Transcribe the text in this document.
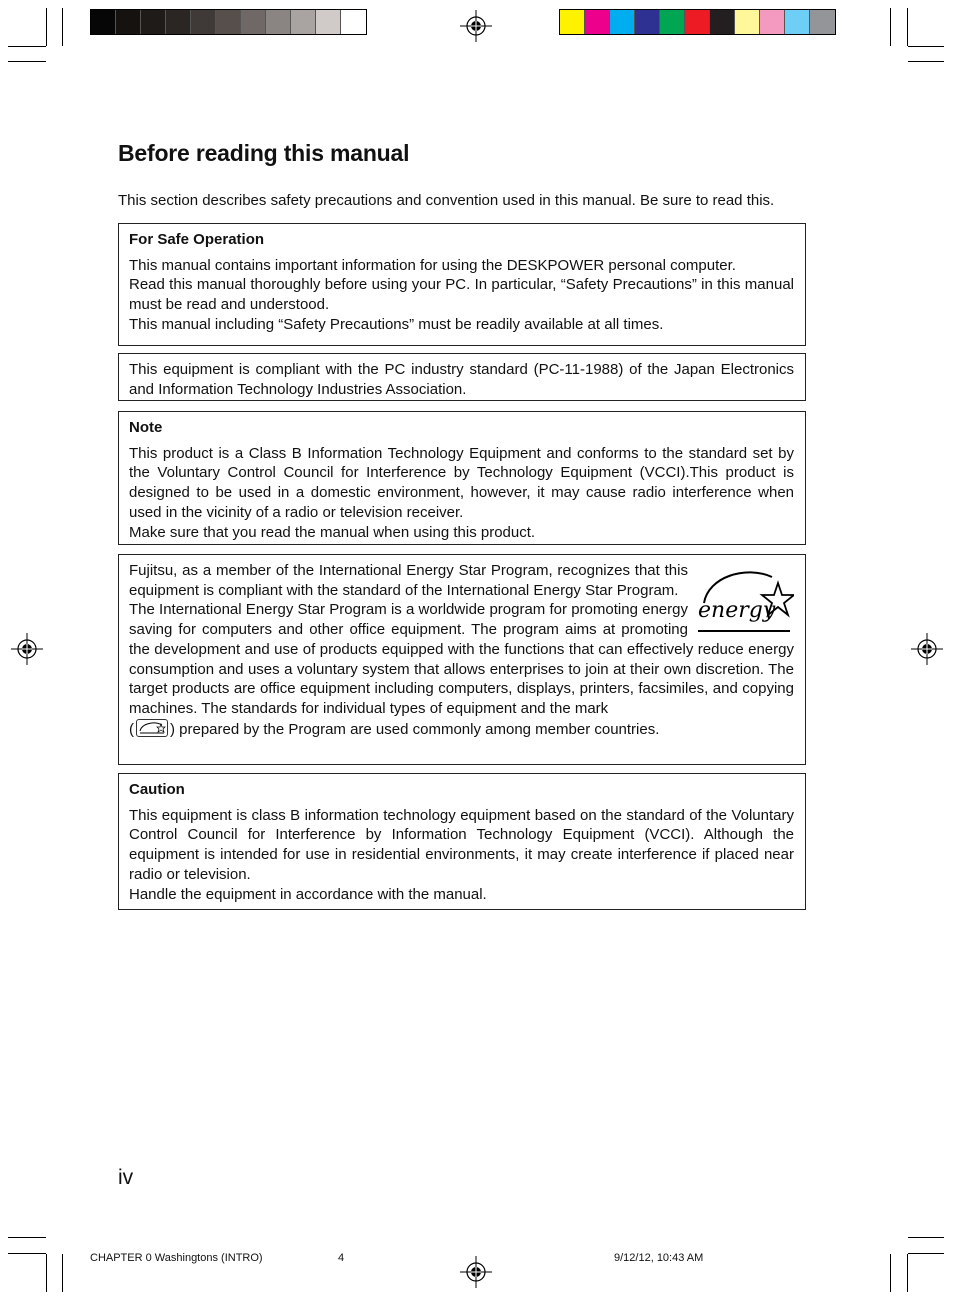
Before reading this manual

This section describes safety precautions and convention used in this manual. Be sure to read this.

For Safe Operation

This manual contains important information for using the DESKPOWER personal computer.

Read this manual thoroughly before using your PC. In particular, “Safety Precautions” in this manual must be read and understood.

This manual including “Safety Precautions” must be readily available at all times.

This equipment is compliant with the PC industry standard (PC-11-1988) of the Japan Electronics and Information Technology Industries Association.

Note

This product is a Class B Information Technology Equipment and conforms to the standard set by the Voluntary Control Council for Interference by Technology Equipment (VCCI).This product is designed to be used in a domestic environment, however, it may cause radio interference when used in the vicinity of a radio or television receiver.

Make sure that you read the manual when using this product.

energy

Fujitsu, as a member of the International Energy Star Program, recognizes that this equipment is compliant with the standard of the International Energy Star Program.

The International Energy Star Program is a worldwide program for promoting energy saving for computers and other office equipment. The program aims at promoting the development and use of products equipped with the functions that can effectively reduce energy consumption and uses a voluntary system that allows enterprises to join at their own discretion. The target products are office equipment including computers, displays, printers, facsimiles, and copying machines. The standards for individual types of equipment and the mark
( ) prepared by the Program are used commonly among member countries.

Caution

This equipment is class B information technology equipment based on the standard of the Voluntary Control Council for Interference by Information Technology Equipment (VCCI). Although the equipment is intended for use in residential environments, it may create interference if placed near radio or television.

Handle the equipment in accordance with the manual.

iv
CHAPTER 0 Washingtons (INTRO)	4	9/12/12, 10:43 AM
